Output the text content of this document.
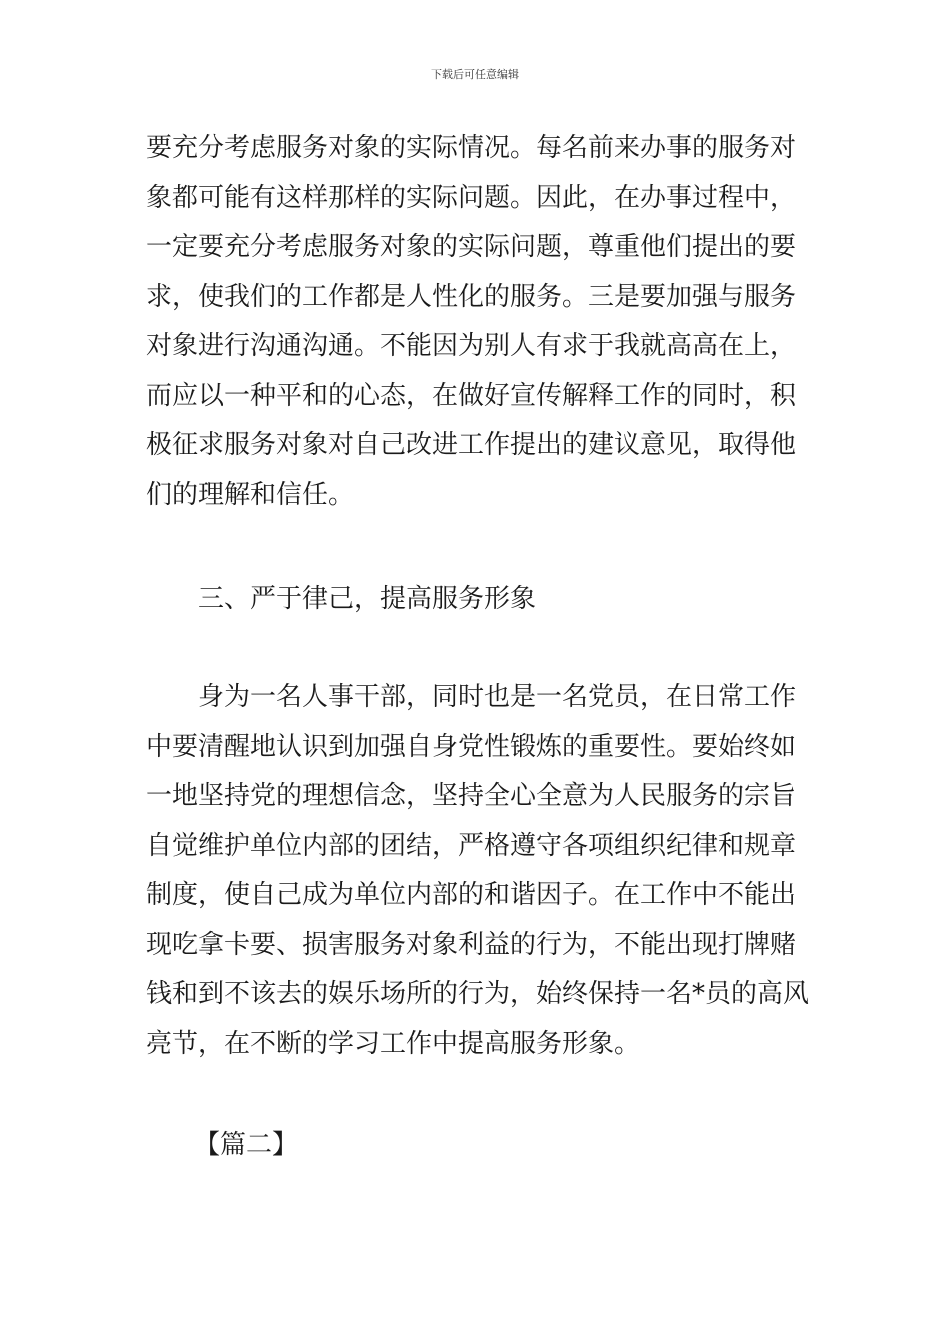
下载后可任意编辑
要充分考虑服务对象的实际情况。每名前来办事的服务对
象都可能有这样那样的实际问题。因此，在办事过程中，
一定要充分考虑服务对象的实际问题，尊重他们提出的要
求，使我们的工作都是人性化的服务。三是要加强与服务
对象进行沟通沟通。不能因为别人有求于我就高高在上，
而应以一种平和的心态，在做好宣传解释工作的同时，积
极征求服务对象对自己改进工作提出的建议意见，取得他
们的理解和信任。
三、严于律己，提高服务形象
身为一名人事干部，同时也是一名党员，在日常工作
中要清醒地认识到加强自身党性锻炼的重要性。要始终如
一地坚持党的理想信念，坚持全心全意为人民服务的宗旨
自觉维护单位内部的团结，严格遵守各项组织纪律和规章
制度，使自己成为单位内部的和谐因子。在工作中不能出
现吃拿卡要、损害服务对象利益的行为，不能出现打牌赌
钱和到不该去的娱乐场所的行为，始终保持一名*员的高风
亮节，在不断的学习工作中提高服务形象。
【篇二】
